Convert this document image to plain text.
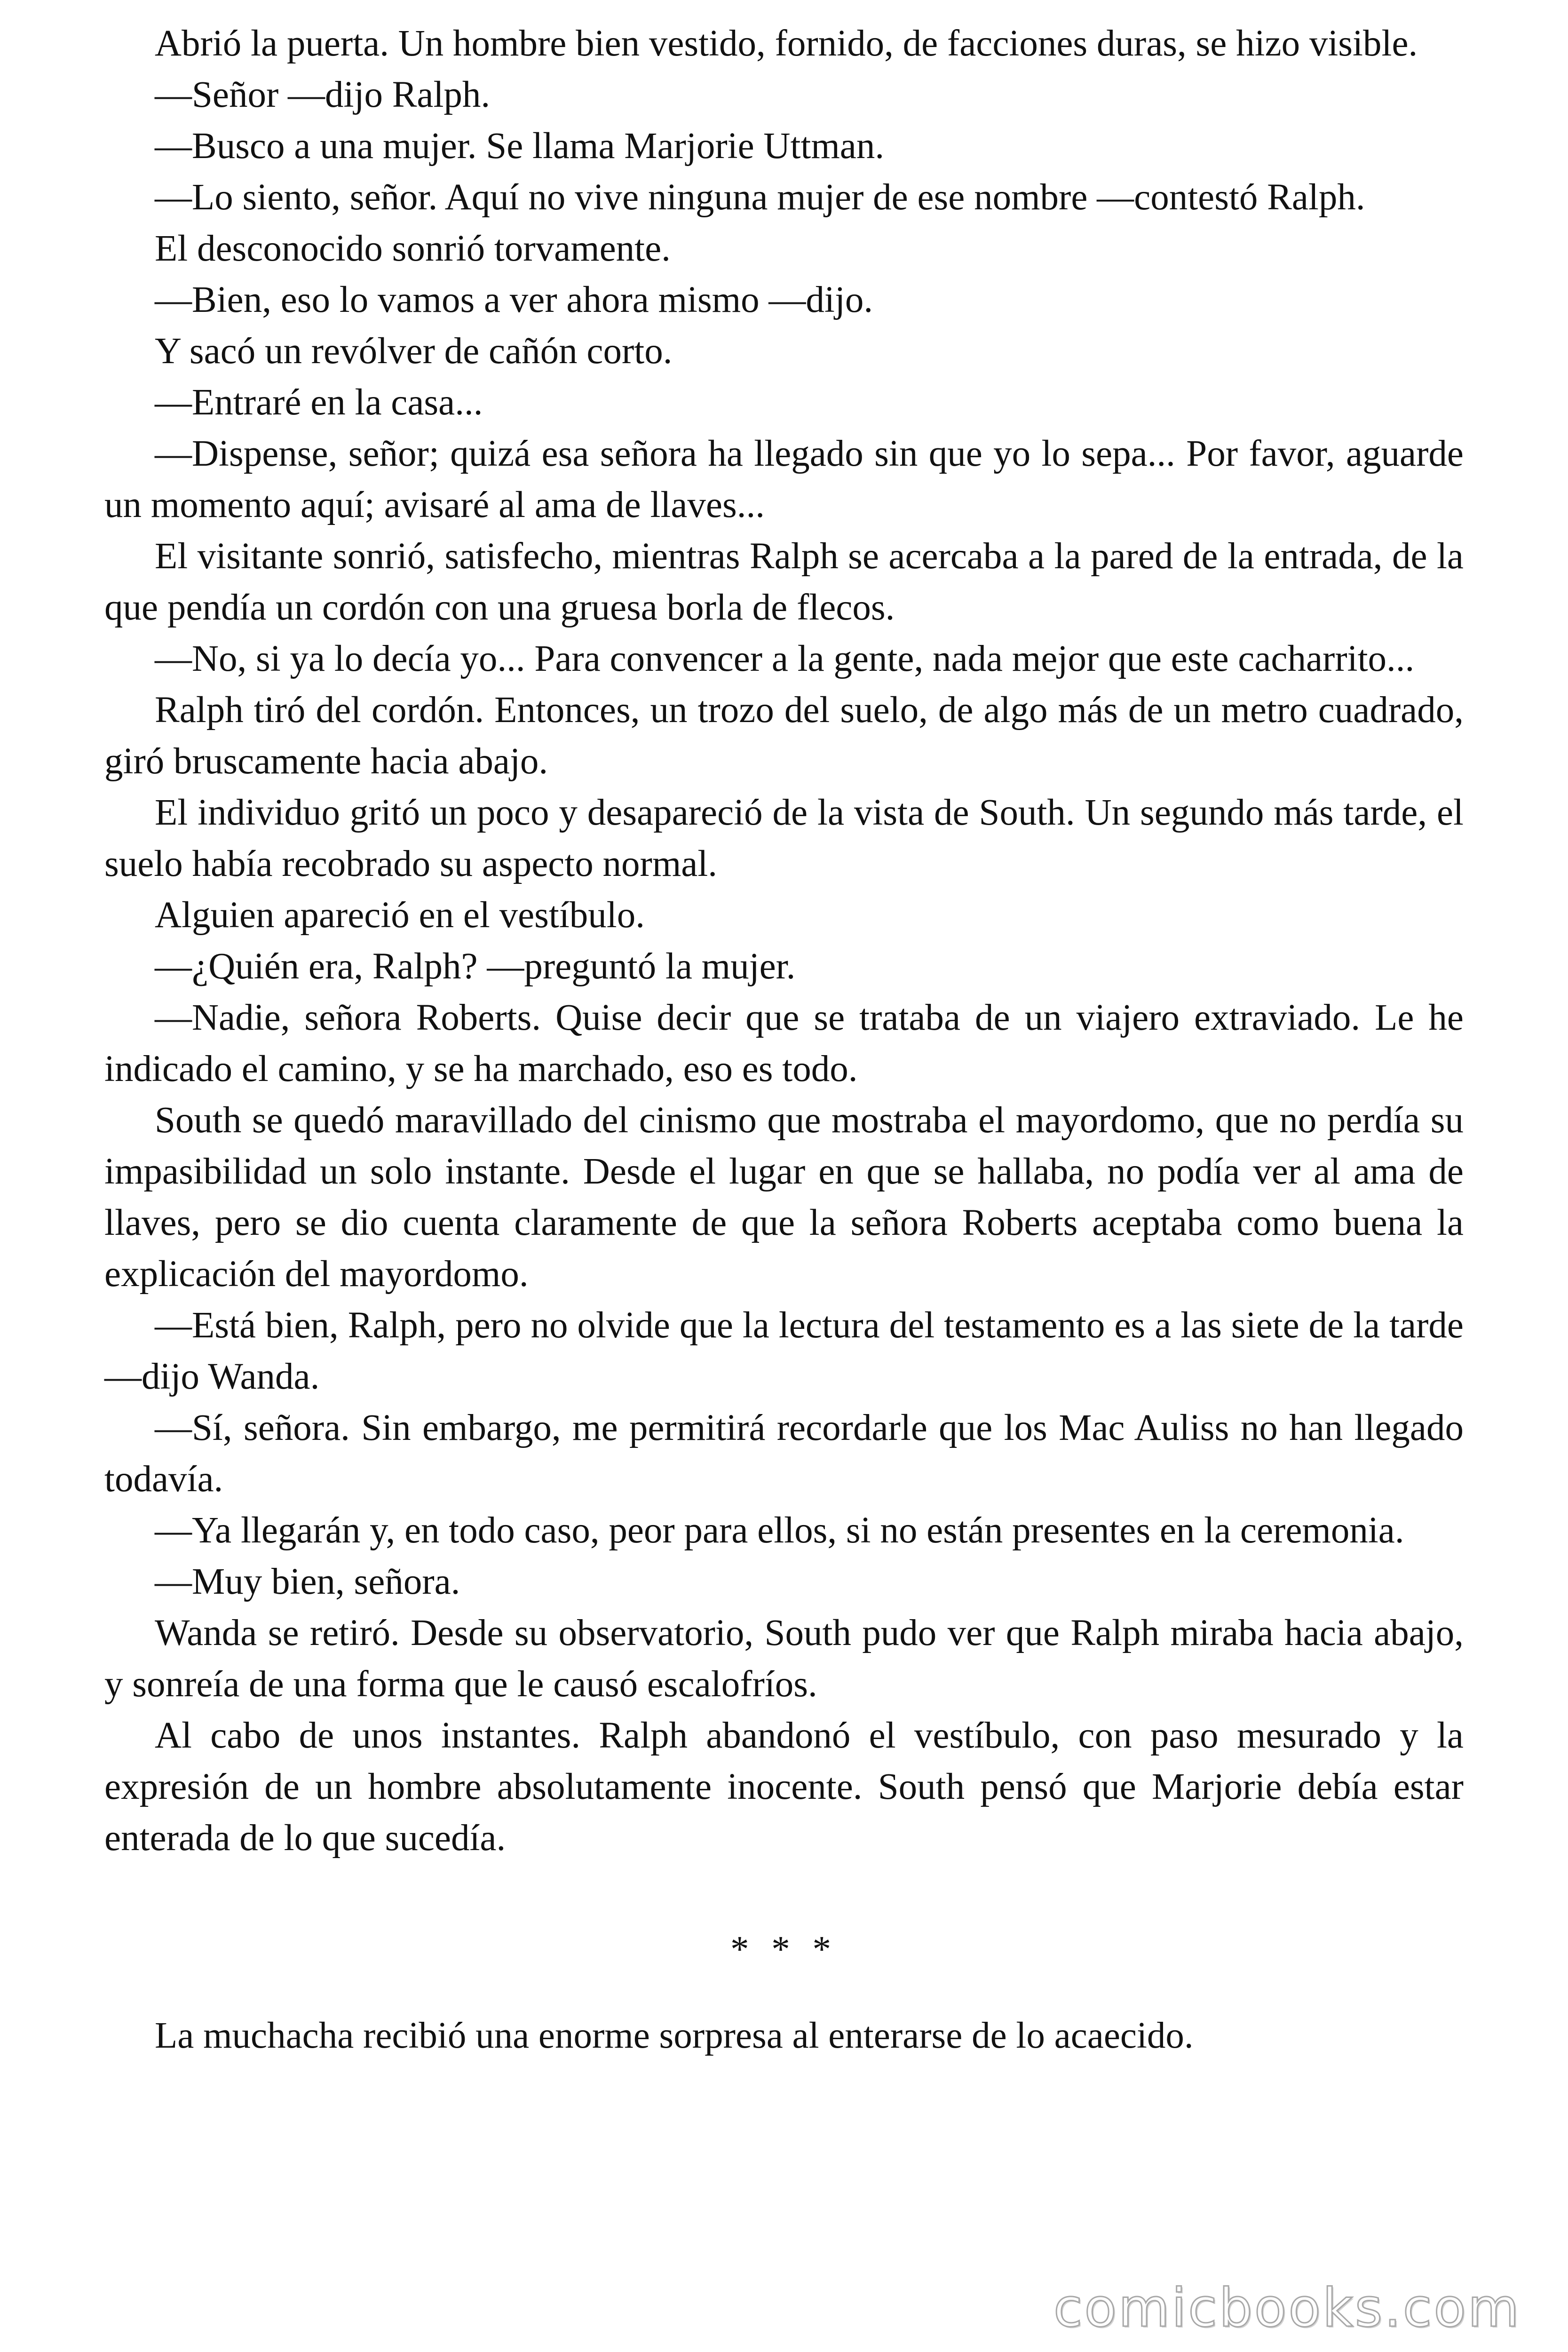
Abrió la puerta. Un hombre bien vestido, fornido, de facciones duras, se hizo visible.

—Señor —dijo Ralph.

—Busco a una mujer. Se llama Marjorie Uttman.

—Lo siento, señor. Aquí no vive ninguna mujer de ese nombre —contestó Ralph.

El desconocido sonrió torvamente.

—Bien, eso lo vamos a ver ahora mismo —dijo.

Y sacó un revólver de cañón corto.

—Entraré en la casa...

—Dispense, señor; quizá esa señora ha llegado sin que yo lo sepa... Por favor, aguarde un momento aquí; avisaré al ama de llaves...

El visitante sonrió, satisfecho, mientras Ralph se acercaba a la pared de la entrada, de la que pendía un cordón con una gruesa borla de flecos.

—No, si ya lo decía yo... Para convencer a la gente, nada mejor que este cacharrito...

Ralph tiró del cordón. Entonces, un trozo del suelo, de algo más de un metro cuadrado, giró bruscamente hacia abajo.

El individuo gritó un poco y desapareció de la vista de South. Un segundo más tarde, el suelo había recobrado su aspecto normal.

Alguien apareció en el vestíbulo.

—¿Quién era, Ralph? —preguntó la mujer.

—Nadie, señora Roberts. Quise decir que se trataba de un viajero extraviado. Le he indicado el camino, y se ha marchado, eso es todo.

South se quedó maravillado del cinismo que mostraba el mayordomo, que no perdía su impasibilidad un solo instante. Desde el lugar en que se hallaba, no podía ver al ama de llaves, pero se dio cuenta claramente de que la señora Roberts aceptaba como buena la explicación del mayordomo.

—Está bien, Ralph, pero no olvide que la lectura del testamento es a las siete de la tarde —dijo Wanda.

—Sí, señora. Sin embargo, me permitirá recordarle que los Mac Auliss no han llegado todavía.

—Ya llegarán y, en todo caso, peor para ellos, si no están presentes en la ceremonia.

—Muy bien, señora.

Wanda se retiró. Desde su observatorio, South pudo ver que Ralph miraba hacia abajo, y sonreía de una forma que le causó escalofríos.

Al cabo de unos instantes. Ralph abandonó el vestíbulo, con paso mesurado y la expresión de un hombre absolutamente inocente. South pensó que Marjorie debía estar enterada de lo que sucedía.

* * *

La muchacha recibió una enorme sorpresa al enterarse de lo acaecido.

comicbooks.com
